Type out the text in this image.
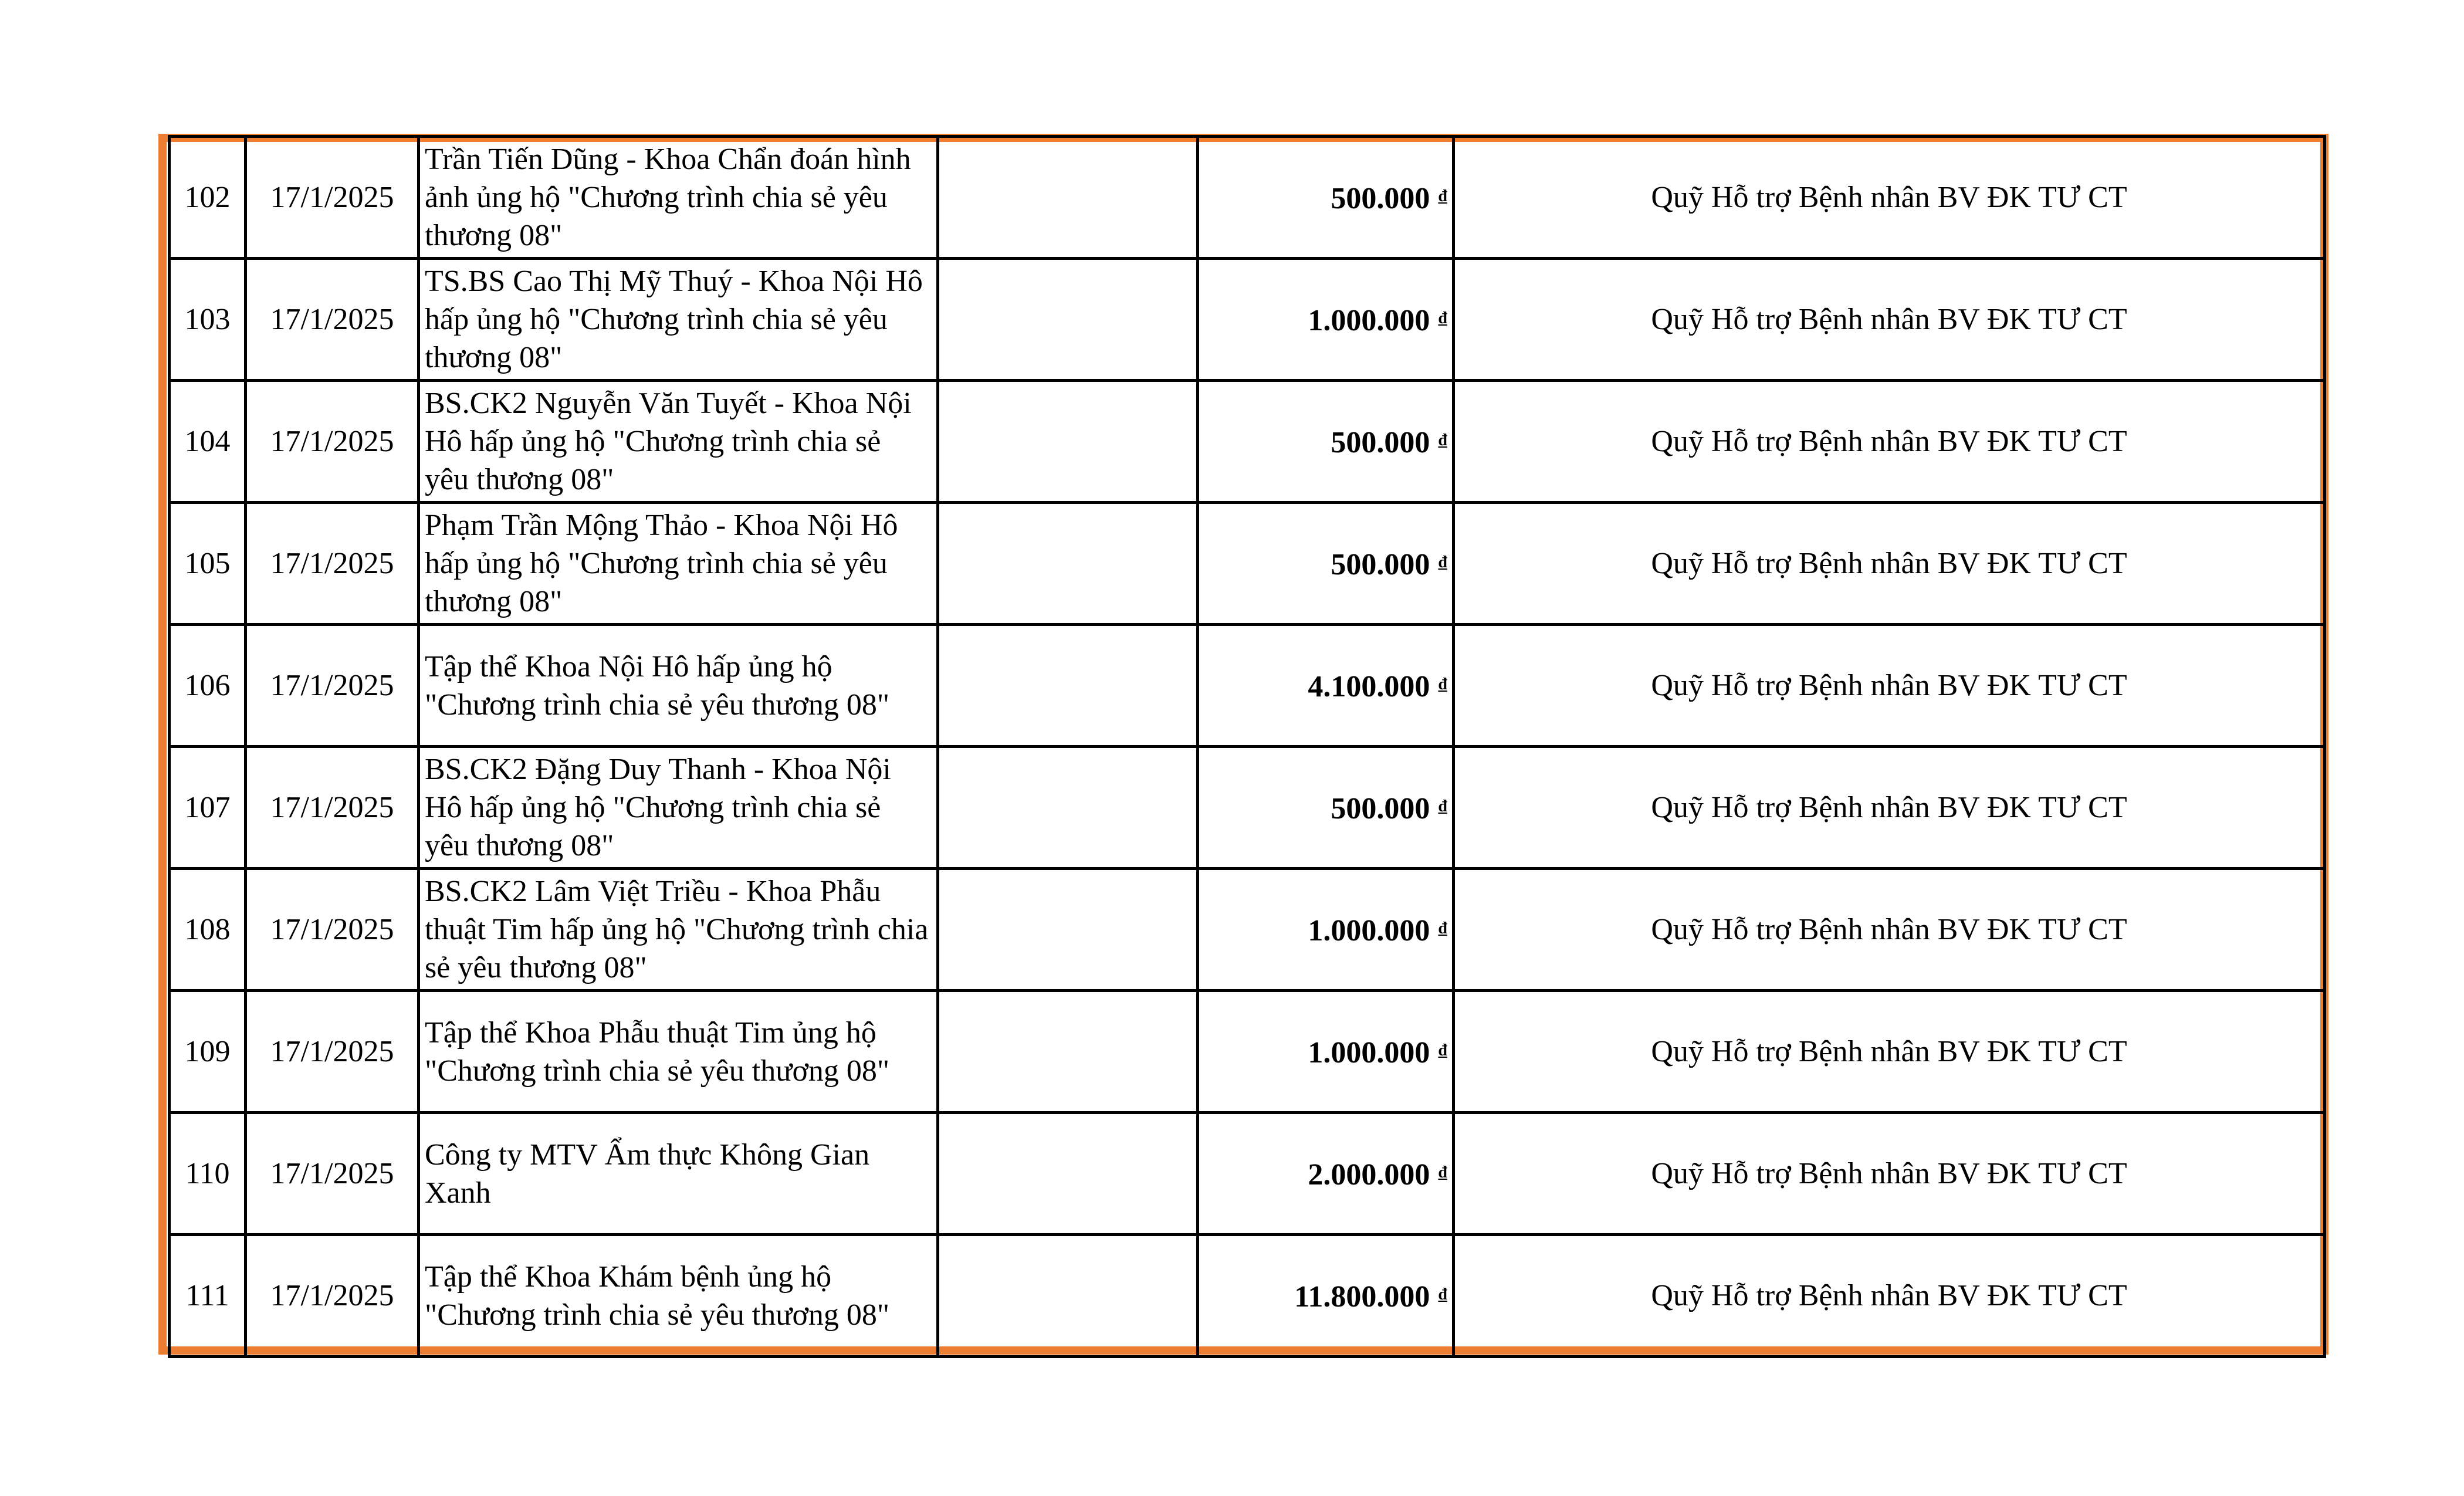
102	17/1/2025	Trần Tiến Dũng - Khoa Chẩn đoán hình ảnh ủng hộ "Chương trình chia sẻ yêu thương 08"		500.000 $^đ$	Quỹ Hỗ trợ Bệnh nhân BV ĐK TƯ CT
103	17/1/2025	TS.BS Cao Thị Mỹ Thuý - Khoa Nội Hô hấp ủng hộ "Chương trình chia sẻ yêu thương 08"		1.000.000 $^đ$	Quỹ Hỗ trợ Bệnh nhân BV ĐK TƯ CT
104	17/1/2025	BS.CK2 Nguyễn Văn Tuyết - Khoa Nội Hô hấp ủng hộ "Chương trình chia sẻ yêu thương 08"		500.000 $^đ$	Quỹ Hỗ trợ Bệnh nhân BV ĐK TƯ CT
105	17/1/2025	Phạm Trần Mộng Thảo - Khoa Nội Hô hấp ủng hộ "Chương trình chia sẻ yêu thương 08"		500.000 $^đ$	Quỹ Hỗ trợ Bệnh nhân BV ĐK TƯ CT
106	17/1/2025	Tập thể Khoa Nội Hô hấp ủng hộ "Chương trình chia sẻ yêu thương 08"		4.100.000 $^đ$	Quỹ Hỗ trợ Bệnh nhân BV ĐK TƯ CT
107	17/1/2025	BS.CK2 Đặng Duy Thanh - Khoa Nội Hô hấp ủng hộ "Chương trình chia sẻ yêu thương 08"		500.000 $^đ$	Quỹ Hỗ trợ Bệnh nhân BV ĐK TƯ CT
108	17/1/2025	BS.CK2 Lâm Việt Triều - Khoa Phẫu thuật Tim hấp ủng hộ "Chương trình chia sẻ yêu thương 08"		1.000.000 $^đ$	Quỹ Hỗ trợ Bệnh nhân BV ĐK TƯ CT
109	17/1/2025	Tập thể Khoa Phẫu thuật Tim ủng hộ "Chương trình chia sẻ yêu thương 08"		1.000.000 $^đ$	Quỹ Hỗ trợ Bệnh nhân BV ĐK TƯ CT
110	17/1/2025	Công ty MTV Ẩm thực Không Gian Xanh		2.000.000 $^đ$	Quỹ Hỗ trợ Bệnh nhân BV ĐK TƯ CT
111	17/1/2025	Tập thể Khoa Khám bệnh ủng hộ "Chương trình chia sẻ yêu thương 08"		11.800.000 $^đ$	Quỹ Hỗ trợ Bệnh nhân BV ĐK TƯ CT
